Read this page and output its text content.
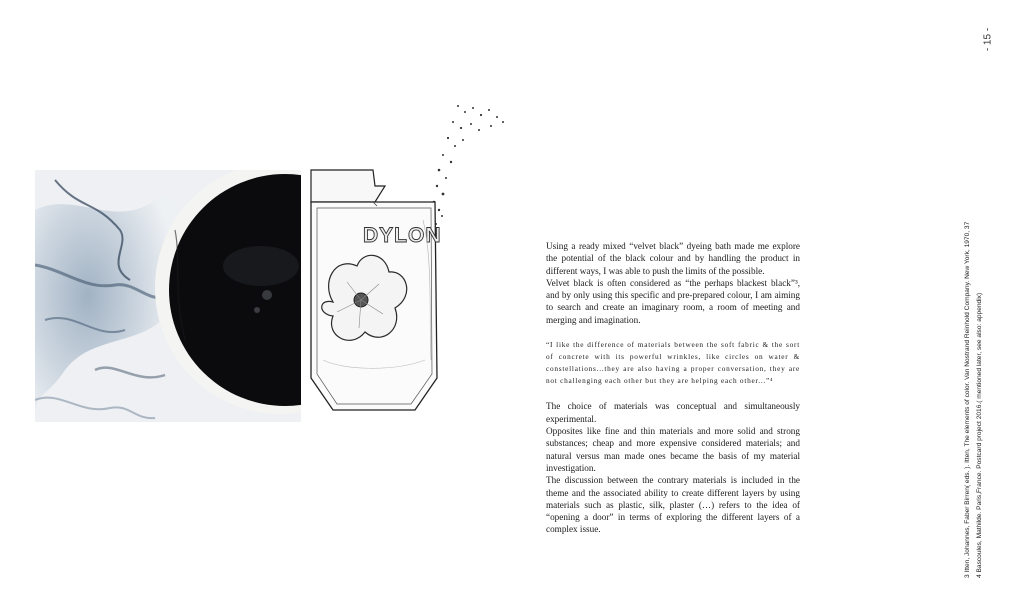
- 15 -
3 Itten, Johannes, Faber Birren( eds. ). Itten, The elements of color. Van Nostrand Reinhold Company. New York, 1970, 37 4 Bascoules, Mathilde. Paris,France. Postcard project 2016.( mentioned later, see also: appendix)
DYLON	Using a ready mixed “velvet black” dyeing bath made me explore the potential of the black colour and by handling the product in different ways, I was able to push the limits of the possible.

Velvet black is often considered as “the perhaps blackest black”³, and by only using this specific and pre-prepared colour, I am aiming to search and create an imaginary room, a room of meeting and merging and imagination.

“I like the difference of materials between the soft fabric & the sort of concrete with its powerful wrinkles, like circles on water & constellations...they are also having a proper conversation, they are not challenging each other but they are helping each other...”⁴

The choice of materials was conceptual and simultaneously experimental.

Opposites like fine and thin materials and more solid and strong substances; cheap and more expensive considered materials; and natural versus man made ones became the basis of my material investigation.

The discussion between the contrary materials is included in the theme and the associated ability to create different layers by using materials such as plastic, silk, plaster (…) refers to the idea of “opening a door” in terms of exploring the different layers of a complex issue.
